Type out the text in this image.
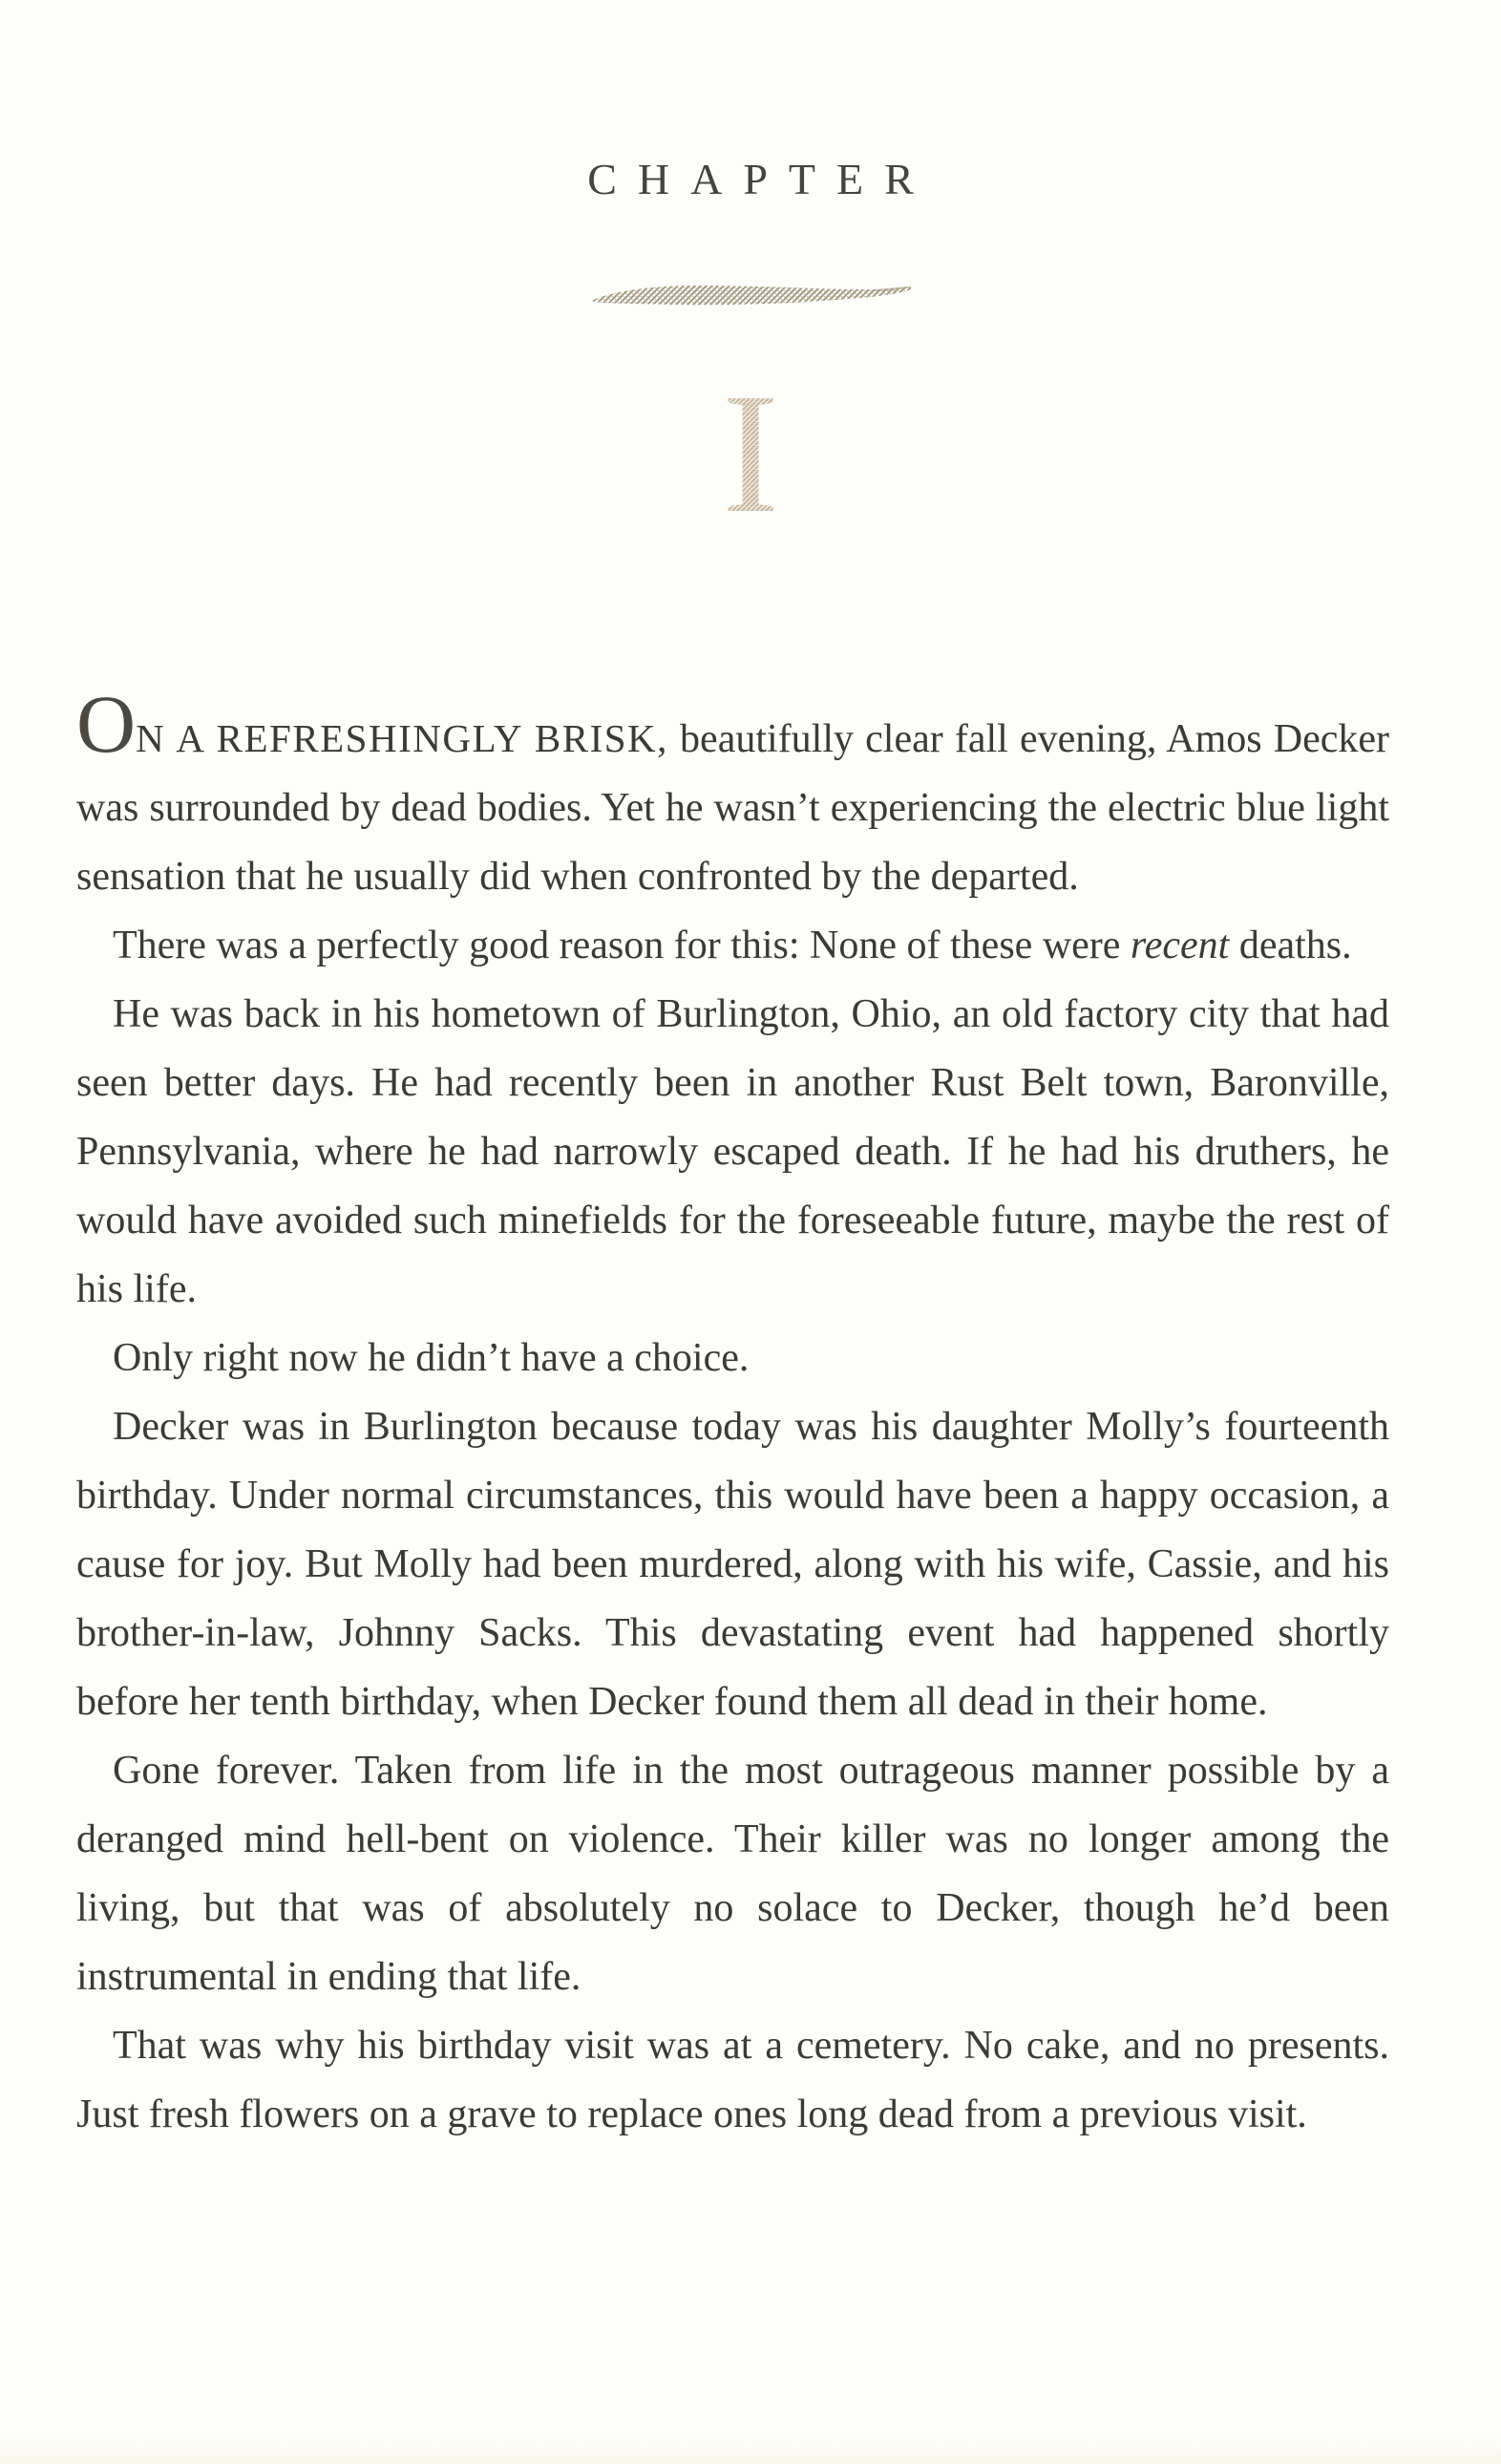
CHAPTER
I

ON A REFRESHINGLY BRISK, beautifully clear fall evening, Amos Decker was surrounded by dead bodies. Yet he wasn’t experiencing the electric blue light sensation that he usually did when confronted by the departed.

There was a perfectly good reason for this: None of these were recent deaths.

He was back in his hometown of Burlington, Ohio, an old factory city that had seen better days. He had recently been in another Rust Belt town, Baronville, Pennsylvania, where he had narrowly escaped death. If he had his druthers, he would have avoided such minefields for the foreseeable future, maybe the rest of his life.

Only right now he didn’t have a choice.

Decker was in Burlington because today was his daughter Molly’s fourteenth birthday. Under normal circumstances, this would have been a happy occasion, a cause for joy. But Molly had been murdered, along with his wife, Cassie, and his brother-in-law, Johnny Sacks. This devastating event had happened shortly before her tenth birthday, when Decker found them all dead in their home.

Gone forever. Taken from life in the most outrageous manner possible by a deranged mind hell-bent on violence. Their killer was no longer among the living, but that was of absolutely no solace to Decker, though he’d been instrumental in ending that life.

That was why his birthday visit was at a cemetery. No cake, and no presents. Just fresh flowers on a grave to replace ones long dead from a previous visit.
